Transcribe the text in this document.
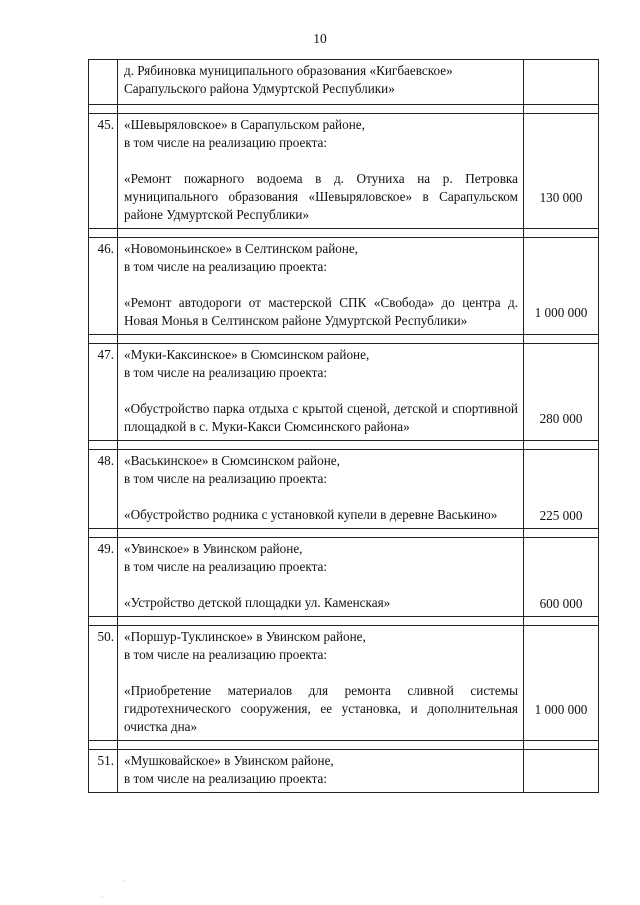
10
	д. Рябиновка муниципального образования «Кигбаевское» Сарапульского района Удмуртской Республики»	

45.	«Шевыряловское» в Сарапульском районе,
в том числе на реализацию проекта:
«Ремонт пожарного водоема в д. Отуниха на р. Петровка муниципального образования «Шевыряловское» в Сарапульском районе Удмуртской Республики»	130 000

46.	«Новомоньинское» в Селтинском районе,
в том числе на реализацию проекта:
«Ремонт автодороги от мастерской СПК «Свобода» до центра д. Новая Монья в Селтинском районе Удмуртской Республики»	1 000 000

47.	«Муки-Каксинское» в Сюмсинском районе,
в том числе на реализацию проекта:
«Обустройство парка отдыха с крытой сценой, детской и спортивной площадкой в с. Муки-Какси Сюмсинского района»	280 000

48.	«Васькинское» в Сюмсинском районе,
в том числе на реализацию проекта:
«Обустройство родника с установкой купели в деревне Васькино»	225 000

49.	«Увинское» в Увинском районе,
в том числе на реализацию проекта:
«Устройство детской площадки ул. Каменская»	600 000

50.	«Поршур-Туклинское» в Увинском районе,
в том числе на реализацию проекта:
«Приобретение материалов для ремонта сливной системы гидротехнического сооружения, ее установка, и дополнительная очистка дна»	1 000 000

51.	«Мушковайское» в Увинском районе,
в том числе на реализацию проекта:	

·
·
